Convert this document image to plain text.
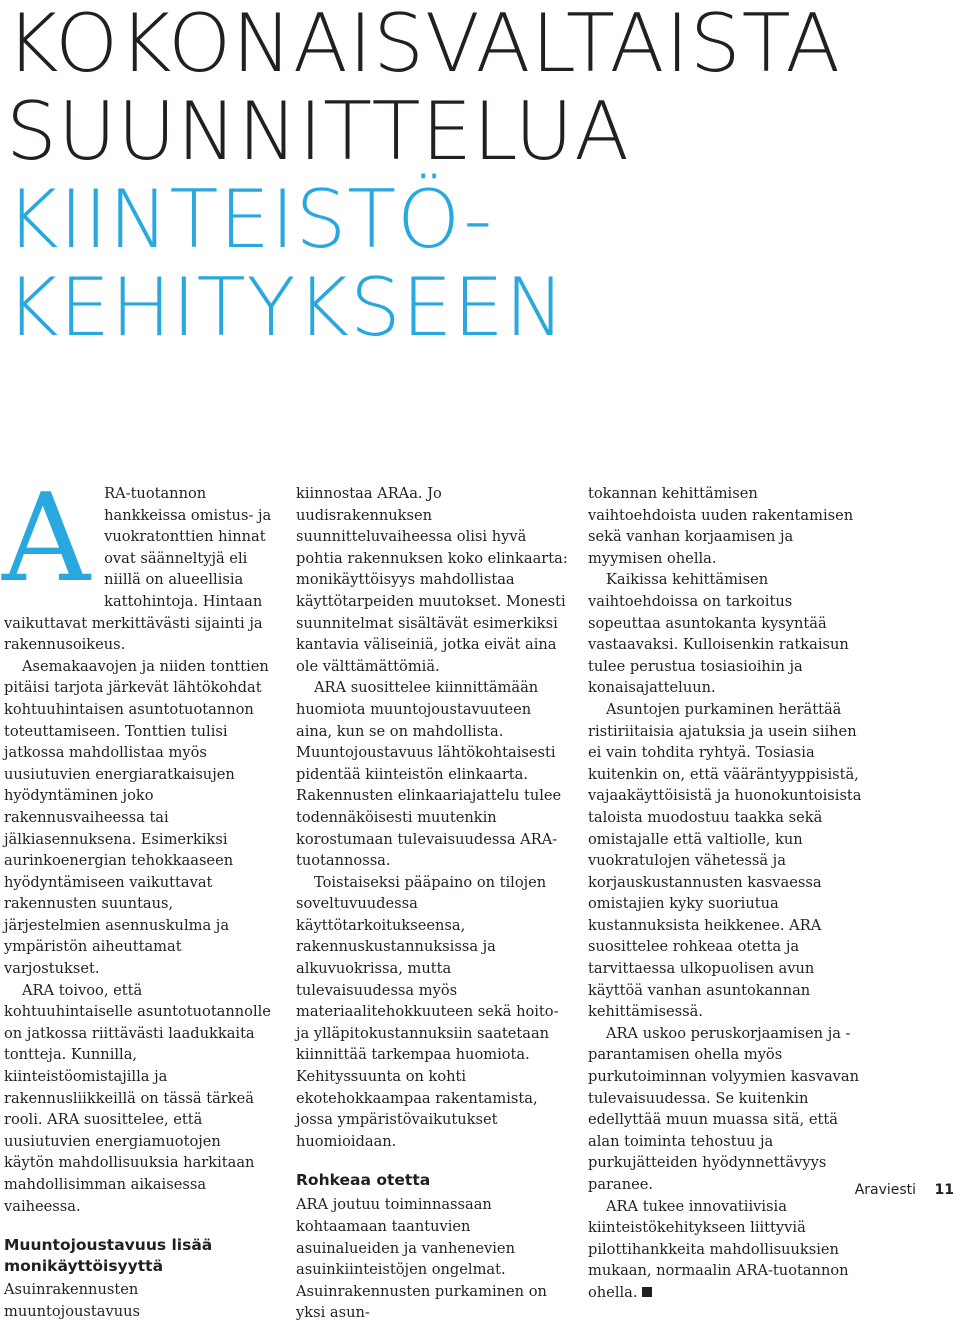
KOKONAISVALTAISTA
SUUNNITTELUA
KIINTEISTÖ-
KEHITYKSEEN
A RA-tuotannon hankkeissa omistus- ja vuokratonttien hinnat ovat säänneltyjä eli niillä on alueellisia kattohintoja. Hintaan vaikuttavat merkittävästi sijainti ja rakennusoikeus.

Asemakaavojen ja niiden tonttien pitäisi tarjota järkevät lähtökohdat kohtuuhintaisen asuntotuotannon toteuttamiseen. Tonttien tulisi jatkossa mahdollistaa myös uusiutuvien energiaratkaisujen hyödyntäminen joko rakennusvaiheessa tai jälkiasennuksena. Esimerkiksi aurinkoenergian tehokkaaseen hyödyntämiseen vaikuttavat rakennusten suuntaus, järjestelmien asennuskulma ja ympäristön aiheuttamat varjostukset.

ARA toivoo, että kohtuuhintaiselle asuntotuotannolle on jatkossa riittävästi laadukkaita tontteja. Kunnilla, kiinteistöomistajilla ja rakennusliikkeillä on tässä tärkeä rooli. ARA suosittelee, että uusiutuvien energiamuotojen käytön mahdollisuuksia harkitaan mahdollisimman aikaisessa vaiheessa.

Muuntojoustavuus lisää monikäyttöisyyttä

Asuinrakennusten muuntojoustavuus

kiinnostaa ARAa. Jo uudisrakennuksen suunnitteluvaiheessa olisi hyvä pohtia rakennuksen koko elinkaarta: monikäyttöisyys mahdollistaa käyttötarpeiden muutokset. Monesti suunnitelmat sisältävät esimerkiksi kantavia väliseiniä, jotka eivät aina ole välttämättömiä.

ARA suosittelee kiinnittämään huomiota muuntojoustavuuteen aina, kun se on mahdollista. Muuntojoustavuus lähtökohtaisesti pidentää kiinteistön elinkaarta. Rakennusten elinkaariajattelu tulee todennäköisesti muutenkin korostumaan tulevaisuudessa ARA-tuotannossa.

Toistaiseksi pääpaino on tilojen soveltuvuudessa käyttötarkoitukseensa, rakennuskustannuksissa ja alkuvuokrissa, mutta tulevaisuudessa myös materiaalitehokkuuteen sekä hoito- ja ylläpitokustannuksiin saatetaan kiinnittää tarkempaa huomiota. Kehityssuunta on kohti ekotehokkaampaa rakentamista, jossa ympäristövaikutukset huomioidaan.

Rohkeaa otetta

ARA joutuu toiminnassaan kohtaamaan taantuvien asuinalueiden ja vanhenevien asuinkiinteistöjen ongelmat. Asuinrakennusten purkaminen on yksi asun-

tokannan kehittämisen vaihtoehdoista uuden rakentamisen sekä vanhan korjaamisen ja myymisen ohella.

Kaikissa kehittämisen vaihtoehdoissa on tarkoitus sopeuttaa asuntokanta kysyntää vastaavaksi. Kulloisenkin ratkaisun tulee perustua tosiasioihin ja konaisajatteluun.

Asuntojen purkaminen herättää ristiriitaisia ajatuksia ja usein siihen ei vain tohdita ryhtyä. Tosiasia kuitenkin on, että vääräntyyppisistä, vajaakäyttöisistä ja huonokuntoisista taloista muodostuu taakka sekä omistajalle että valtiolle, kun vuokratulojen vähetessä ja korjauskustannusten kasvaessa omistajien kyky suoriutua kustannuksista heikkenee. ARA suosittelee rohkeaa otetta ja tarvittaessa ulkopuolisen avun käyttöä vanhan asuntokannan kehittämisessä.

ARA uskoo peruskorjaamisen ja -parantamisen ohella myös purkutoiminnan volyymien kasvavan tulevaisuudessa. Se kuitenkin edellyttää muun muassa sitä, että alan toiminta tehostuu ja purkujätteiden hyödynnettävyys paranee.

ARA tukee innovatiivisia kiinteistökehitykseen liittyviä pilottihankkeita mahdollisuuksien mukaan, normaalin ARA-tuotannon ohella.

Araviesti 11
